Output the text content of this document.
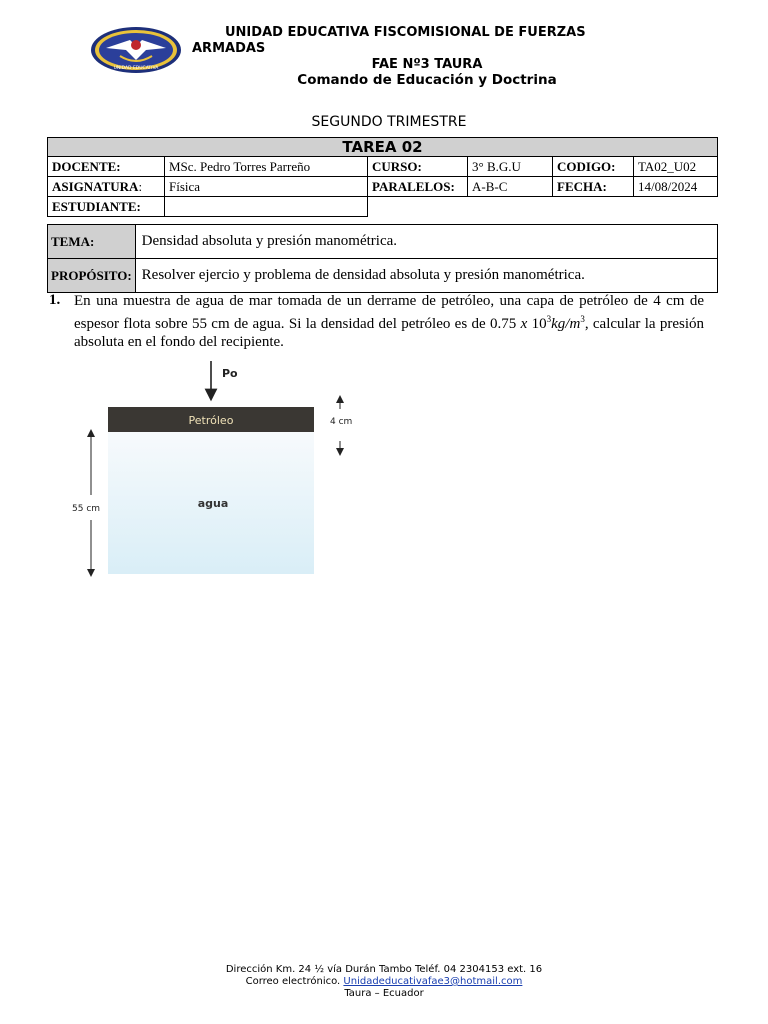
UNIDAD EDUCATIVA
UNIDAD EDUCATIVA FISCOMISIONAL DE FUERZAS ARMADAS
FAE Nº3 TAURA
Comando de Educación y Doctrina
SEGUNDO TRIMESTRE
TAREA 02					
DOCENTE:	MSc. Pedro Torres Parreño	CURSO:	3° B.G.U	CODIGO:	TA02_U02
ASIGNATURA:	Física	PARALELOS:	A-B-C	FECHA:	14/08/2024
ESTUDIANTE:					
TEMA:	Densidad absoluta y presión manométrica.
PROPÓSITO:	Resolver ejercio y problema de densidad absoluta y presión manométrica.
1. En una muestra de agua de mar tomada de un derrame de petróleo, una capa de petróleo de 4 cm de espesor flota sobre 55 cm de agua. Si la densidad del petróleo es de 0.75 x $10^3kg/m^3$, calcular la presión absoluta en el fondo del recipiente.
Po
agua
Petróleo	4 cm
55 cm
Dirección Km. 24 ½ vía Durán Tambo Teléf. 04 2304153 ext. 16
Correo electrónico. Unidadeducativafae3@hotmail.com
Taura – Ecuador
